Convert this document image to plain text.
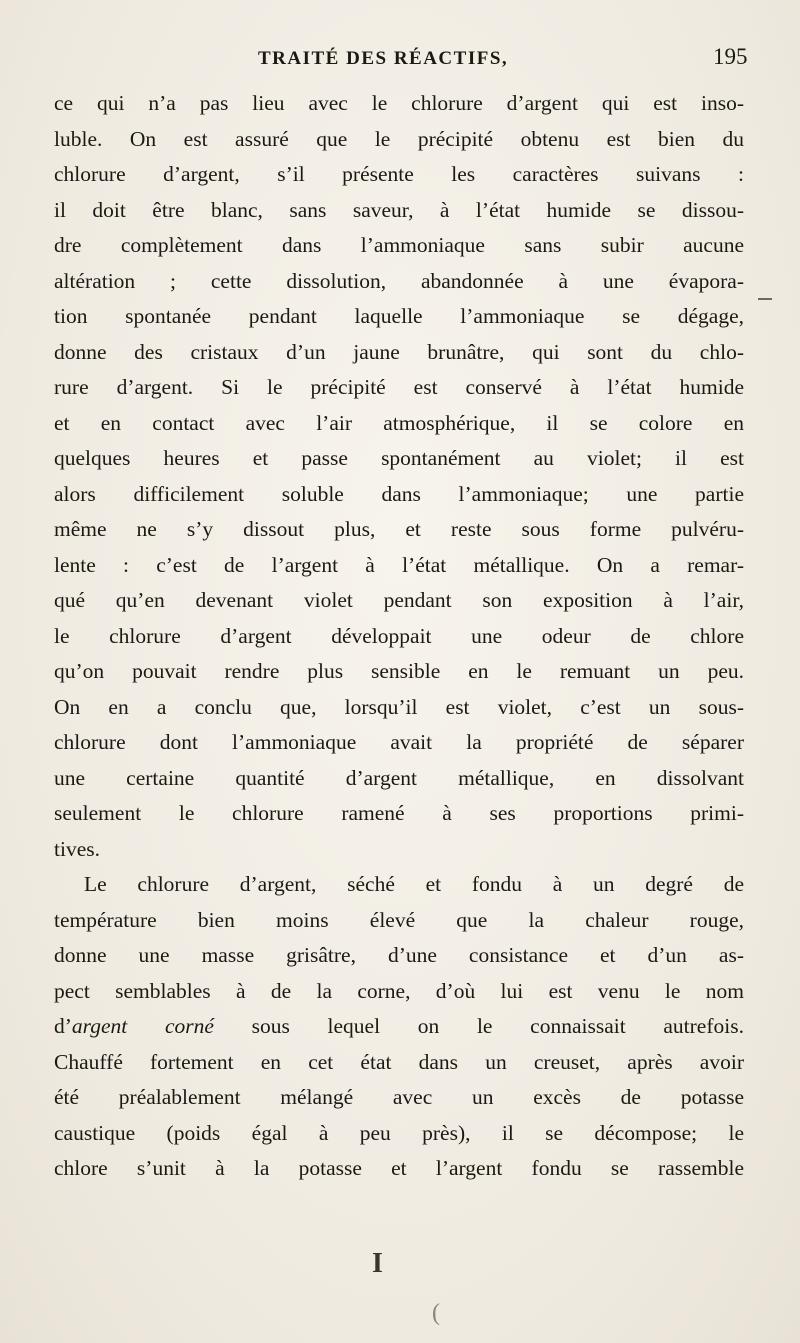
TRAITÉ DES RÉACTIFS,	195
ce qui n’a pas lieu avec le chlorure d’argent qui est inso-
luble. On est assuré que le précipité obtenu est bien du
chlorure d’argent, s’il présente les caractères suivans :
il doit être blanc, sans saveur, à l’état humide se dissou-
dre complètement dans l’ammoniaque sans subir aucune
altération ; cette dissolution, abandonnée à une évapora-
tion spontanée pendant laquelle l’ammoniaque se dégage,
donne des cristaux d’un jaune brunâtre, qui sont du chlo-
rure d’argent. Si le précipité est conservé à l’état humide
et en contact avec l’air atmosphérique, il se colore en
quelques heures et passe spontanément au violet; il est
alors difficilement soluble dans l’ammoniaque; une partie
même ne s’y dissout plus, et reste sous forme pulvéru-
lente : c’est de l’argent à l’état métallique. On a remar-
qué qu’en devenant violet pendant son exposition à l’air,
le chlorure d’argent développait une odeur de chlore
qu’on pouvait rendre plus sensible en le remuant un peu.
On en a conclu que, lorsqu’il est violet, c’est un sous-
chlorure dont l’ammoniaque avait la propriété de séparer
une certaine quantité d’argent métallique, en dissolvant
seulement le chlorure ramené à ses proportions primi-
tives.
Le chlorure d’argent, séché et fondu à un degré de
température bien moins élevé que la chaleur rouge,
donne une masse grisâtre, d’une consistance et d’un as-
pect semblables à de la corne, d’où lui est venu le nom
d’argent corné sous lequel on le connaissait autrefois.
Chauffé fortement en cet état dans un creuset, après avoir
été préalablement mélangé avec un excès de potasse
caustique (poids égal à peu près), il se décompose; le
chlore s’unit à la potasse et l’argent fondu se rassemble
I
(
